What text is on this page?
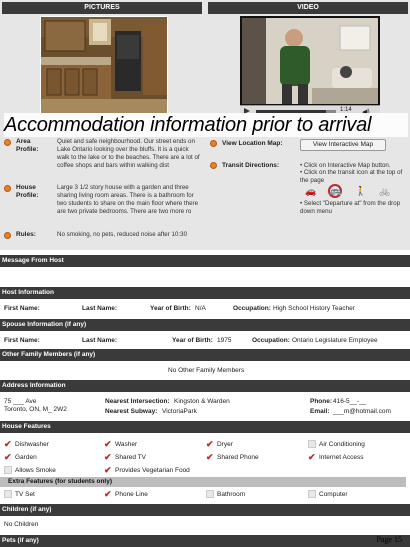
PICTURES	VIDEO
1:14
Accommodation information prior to arrival
Area Profile:
Quiet and safe neighbourhood. Our street ends on Lake Ontario looking over the bluffs. It is a quick walk to the lake or to the beaches. There are a lot of coffee shops and bars within walking dist
House Profile:
Large 3 1/2 story house with a garden and three sharing living room areas. There is a bathroom for two students to share on the main floor where there are two private bedrooms. There are two more ro
Rules:	No smoking, no pets, reduced noise after 10:30
View Location Map:	View Interactive Map
Transit Directions:	• Click on Interactive Map button.
• Click on the transit icon at the top of the page
🚗 🚌 🚶 🚲
• Select "Departure at" from the drop down menu
Message From Host
Host Information
First Name:	Last Name:	Year of Birth: N/A	Occupation: High School History Teacher
Spouse Information (if any)
First Name:	Last Name:	Year of Birth: 1975	Occupation: Ontario Legislature Employee
Other Family Members (if any)
No Other Family Members
Address Information
75 ___ Ave
Toronto, ON, M_ 2W2
Nearest Intersection: Kingston & Warden
Nearest Subway: VictoriaPark
Phone: 416-5__-__
Email: ___m@hotmail.com
House Features
✔ Dishwasher	✔ Washer	✔ Dryer	Air Conditioning
✔ Garden	✔ Shared TV	✔ Shared Phone	✔ Internet Access
Allows Smoke	✔ Provides Vegetarian Food
Extra Features (for students only)
TV Set	✔ Phone Line	Bathroom	Computer
Children (if any)
No Children
Pets (if any)	Page 15
